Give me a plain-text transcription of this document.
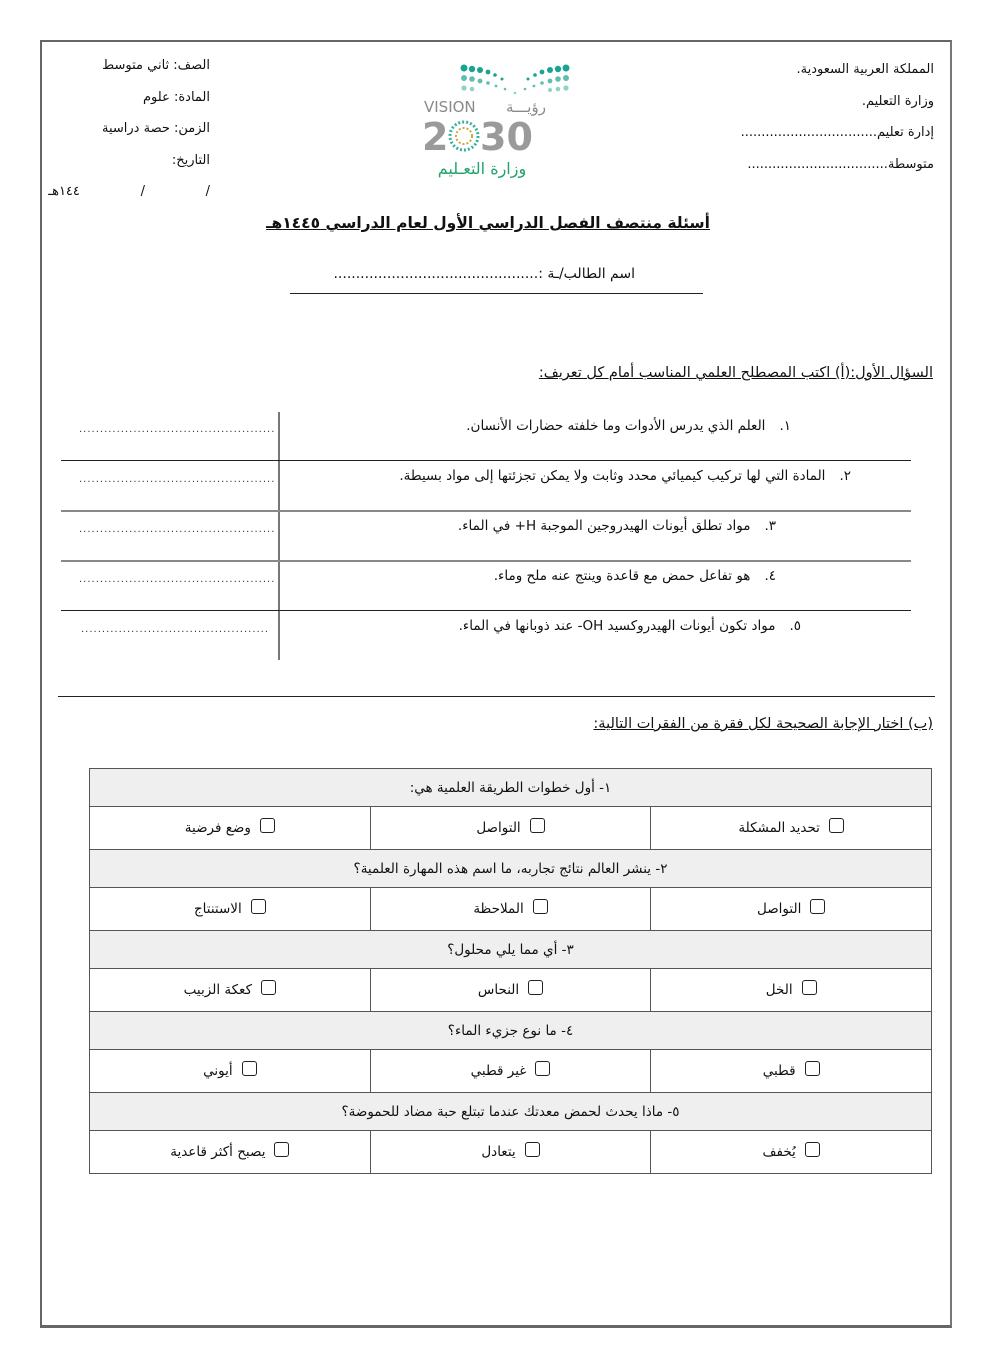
المملكة العربية السعودية.
وزارة التعليم.
إدارة تعليم.................................
متوسطة..................................
الصف: ثاني متوسط
المادة: علوم
الزمن: حصة دراسية
التاريخ: /     /     ١٤٤هـ
VISION رؤيـــة
2 30
وزارة التعـليم
أسئلة منتصف الفصل الدراسي الأول لعام الدراسي ١٤٤٥هـ
اسم الطالب/ـة :..............................................
السؤال الأول:(أ) اكتب المصطلح العلمي المناسب أمام كل تعريف:
١.العلم الذي يدرس الأدوات وما خلفته حضارات الأنسان.
...............................................
٢.المادة التي لها تركيب كيميائي محدد وثابت ولا يمكن تجزئتها إلى مواد بسيطة.
...............................................
٣.مواد تطلق أيونات الهيدروجين الموجبة H+ في الماء.
...............................................
٤.هو تفاعل حمض مع قاعدة وينتج عنه ملح وماء.
...............................................
٥.مواد تكون أيونات الهيدروكسيد OH- عند ذوبانها في الماء.
.............................................
(ب) اختار الإجابة الصحيحة لكل فقرة من الفقرات التالية:
١- أول خطوات الطريقة العلمية هي:		
تحديد المشكلة	التواصل	وضع فرضية
٢- ينشر العالم نتائج تجاربه، ما اسم هذه المهارة العلمية؟		
التواصل	الملاحظة	الاستنتاج
٣- أي مما يلي محلول؟		
الخل	النحاس	كعكة الزبيب
٤- ما نوع جزيء الماء؟		
قطبي	غير قطبي	أيوني
٥- ماذا يحدث لحمض معدتك عندما تبتلع حبة مضاد للحموضة؟		
يُخفف	يتعادل	يصبح أكثر قاعدية
